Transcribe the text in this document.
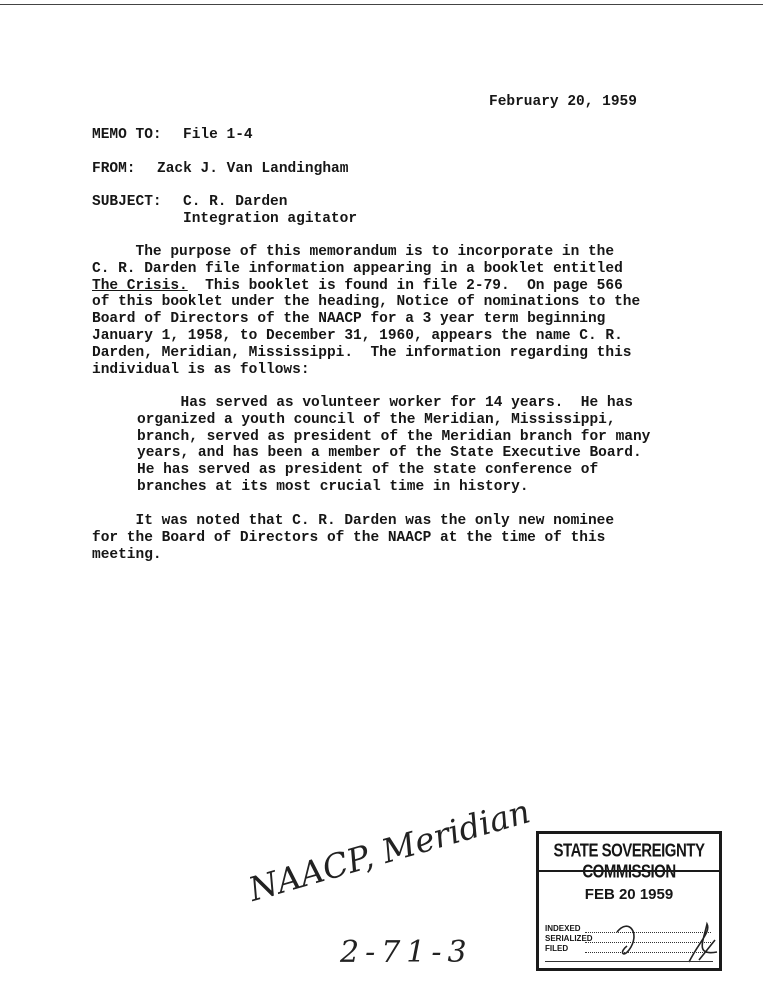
February 20, 1959
MEMO TO: File 1-4
FROM: Zack J. Van Landingham
SUBJECT: C. R. Darden
Integration agitator
The purpose of this memorandum is to incorporate in the
C. R. Darden file information appearing in a booklet entitled
The Crisis.  This booklet is found in file 2-79.  On page 566
of this booklet under the heading, Notice of nominations to the
Board of Directors of the NAACP for a 3 year term beginning
January 1, 1958, to December 31, 1960, appears the name C. R.
Darden, Meridian, Mississippi.  The information regarding this
individual is as follows:
Has served as volunteer worker for 14 years.  He has
organized a youth council of the Meridian, Mississippi,
branch, served as president of the Meridian branch for many
years, and has been a member of the State Executive Board.
He has served as president of the state conference of
branches at its most crucial time in history.
It was noted that C. R. Darden was the only new nominee
for the Board of Directors of the NAACP at the time of this
meeting.
NAACP, Meridian
2-71-3
STATE SOVEREIGNTY COMMISSION
FEB 20 1959
INDEXED
SERIALIZED
FILED
